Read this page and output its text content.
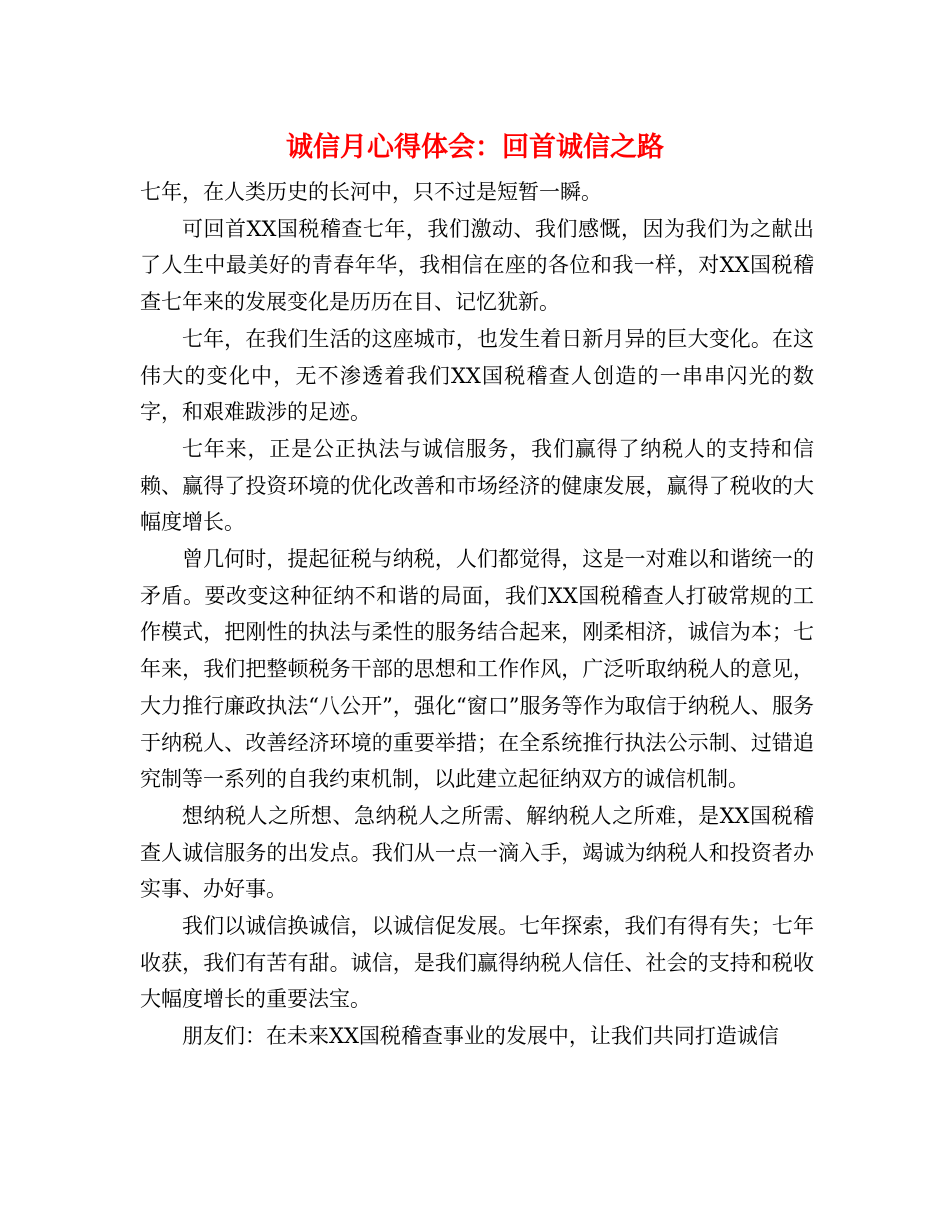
诚信月心得体会：回首诚信之路

七年，在人类历史的长河中，只不过是短暂一瞬。

可回首XX国税稽查七年，我们激动、我们感慨，因为我们为之献出了人生中最美好的青春年华，我相信在座的各位和我一样，对XX国税稽查七年来的发展变化是历历在目、记忆犹新。

七年，在我们生活的这座城市，也发生着日新月异的巨大变化。在这伟大的变化中，无不渗透着我们XX国税稽查人创造的一串串闪光的数字，和艰难跋涉的足迹。

七年来，正是公正执法与诚信服务，我们赢得了纳税人的支持和信赖、赢得了投资环境的优化改善和市场经济的健康发展，赢得了税收的大幅度增长。

曾几何时，提起征税与纳税，人们都觉得，这是一对难以和谐统一的矛盾。要改变这种征纳不和谐的局面，我们XX国税稽查人打破常规的工作模式，把刚性的执法与柔性的服务结合起来，刚柔相济，诚信为本；七年来，我们把整顿税务干部的思想和工作作风，广泛听取纳税人的意见，大力推行廉政执法“八公开”，强化“窗口”服务等作为取信于纳税人、服务于纳税人、改善经济环境的重要举措；在全系统推行执法公示制、过错追究制等一系列的自我约束机制，以此建立起征纳双方的诚信机制。

想纳税人之所想、急纳税人之所需、解纳税人之所难，是XX国税稽查人诚信服务的出发点。我们从一点一滴入手，竭诚为纳税人和投资者办实事、办好事。

我们以诚信换诚信，以诚信促发展。七年探索，我们有得有失；七年收获，我们有苦有甜。诚信，是我们赢得纳税人信任、社会的支持和税收大幅度增长的重要法宝。

朋友们：在未来XX国税稽查事业的发展中，让我们共同打造诚信
